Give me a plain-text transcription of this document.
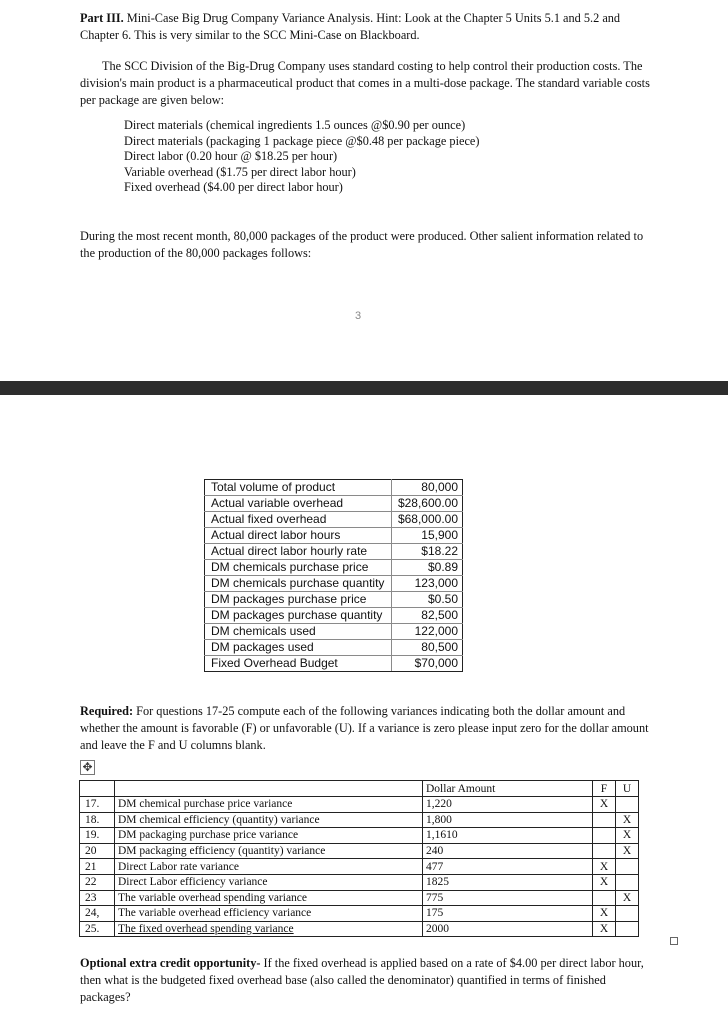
Part III. Mini-Case Big Drug Company Variance Analysis. Hint: Look at the Chapter 5 Units 5.1 and 5.2 and Chapter 6. This is very similar to the SCC Mini-Case on Blackboard.
The SCC Division of the Big-Drug Company uses standard costing to help control their production costs. The division's main product is a pharmaceutical product that comes in a multi-dose package. The standard variable costs per package are given below:
Direct materials (chemical ingredients 1.5 ounces @$0.90 per ounce)
Direct materials (packaging 1 package piece @$0.48 per package piece)
Direct labor (0.20 hour @ $18.25 per hour)
Variable overhead ($1.75 per direct labor hour)
Fixed overhead ($4.00 per direct labor hour)
During the most recent month, 80,000 packages of the product were produced. Other salient information related to the production of the 80,000 packages follows:
3
Total volume of product	80,000
Actual variable overhead	$28,600.00
Actual fixed overhead	$68,000.00
Actual direct labor hours	15,900
Actual direct labor hourly rate	$18.22
DM chemicals purchase price	$0.89
DM chemicals purchase quantity	123,000
DM packages purchase price	$0.50
DM packages purchase quantity	82,500
DM chemicals used	122,000
DM packages used	80,500
Fixed Overhead Budget	$70,000
Required: For questions 17-25 compute each of the following variances indicating both the dollar amount and whether the amount is favorable (F) or unfavorable (U). If a variance is zero please input zero for the dollar amount and leave the F and U columns blank.
✥
		Dollar Amount	F	U
17.	DM chemical purchase price variance	1,220	X	
18.	DM chemical efficiency (quantity) variance	1,800		X
19.	DM packaging purchase price variance	1,1610		X
20	DM packaging efficiency (quantity) variance	240		X
21	Direct Labor rate variance	477	X	
22	Direct Labor efficiency variance	1825	X	
23	The variable overhead spending variance	775		X
24,	The variable overhead efficiency variance	175	X	
25.	The fixed overhead spending variance	2000	X	
Optional extra credit opportunity- If the fixed overhead is applied based on a rate of $4.00 per direct labor hour, then what is the budgeted fixed overhead base (also called the denominator) quantified in terms of finished packages?
